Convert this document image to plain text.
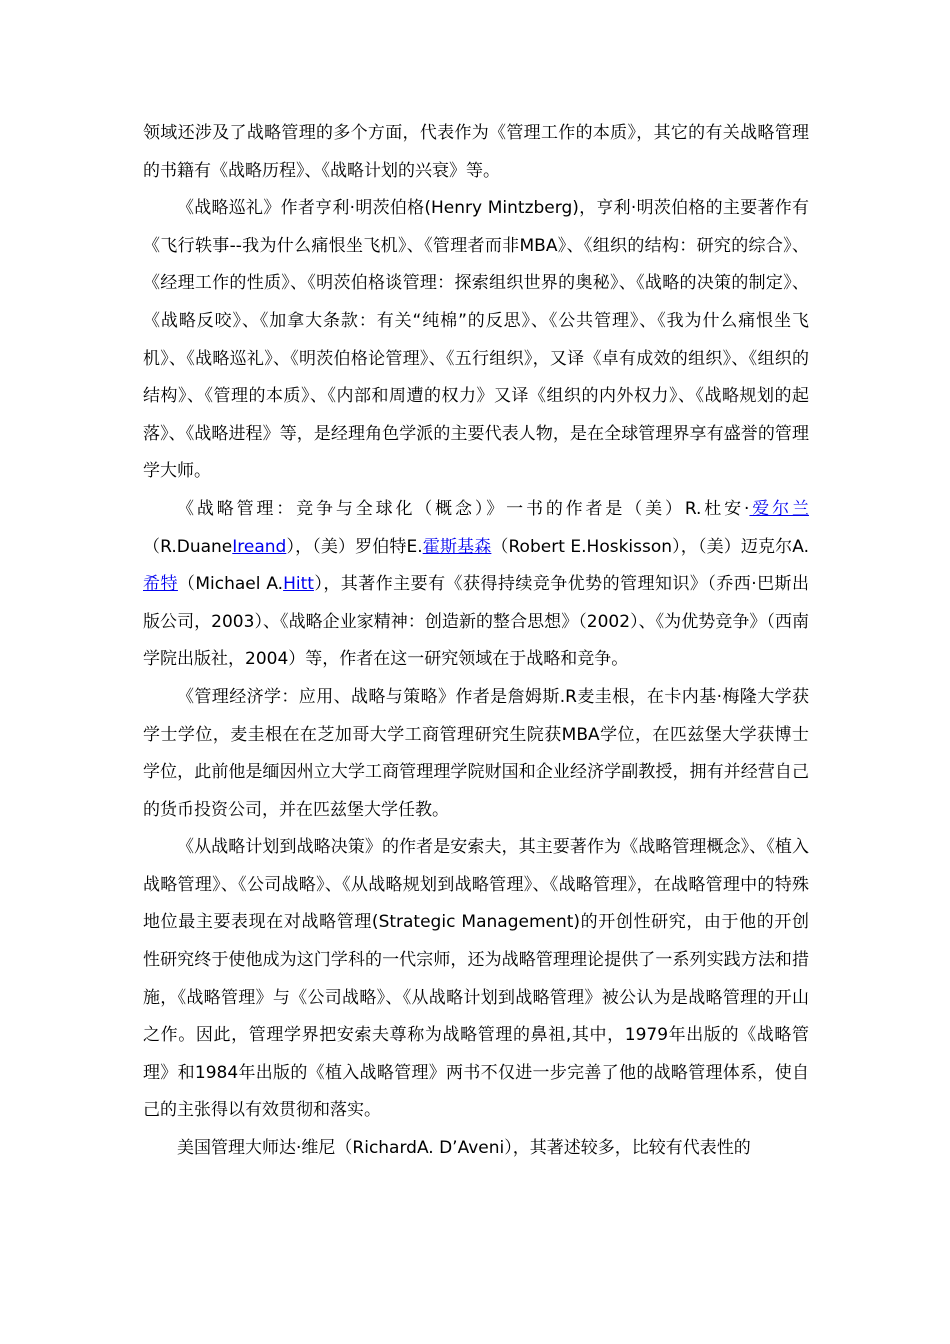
领域还涉及了战略管理的多个方面，代表作为《管理工作的本质》，其它的有关战略管理的书籍有《战略历程》、《战略计划的兴衰》等。

《战略巡礼》作者亨利·明茨伯格(Henry Mintzberg)，亨利·明茨伯格的主要著作有《飞行轶事--我为什么痛恨坐飞机》、《管理者而非MBA》、《组织的结构：研究的综合》、《经理工作的性质》、《明茨伯格谈管理：探索组织世界的奥秘》、《战略的决策的制定》、《战略反咬》、《加拿大条款：有关“纯棉”的反思》、《公共管理》、《我为什么痛恨坐飞机》、《战略巡礼》、《明茨伯格论管理》、《五行组织》，又译《卓有成效的组织》、《组织的结构》、《管理的本质》、《内部和周遭的权力》又译《组织的内外权力》、《战略规划的起落》、《战略进程》等，是经理角色学派的主要代表人物，是在全球管理界享有盛誉的管理学大师。

《战略管理：竞争与全球化（概念）》一书的作者是（美）R.杜安·爱尔兰（R.DuaneIreand），（美）罗伯特E.霍斯基森（Robert E.Hoskisson），（美）迈克尔A.希特（Michael A.Hitt），其著作主要有《获得持续竞争优势的管理知识》（乔西·巴斯出版公司，2003）、《战略企业家精神：创造新的整合思想》（2002）、《为优势竞争》（西南学院出版社，2004）等，作者在这一研究领域在于战略和竞争。

《管理经济学：应用、战略与策略》作者是詹姆斯.R麦圭根，在卡内基·梅隆大学获学士学位，麦圭根在在芝加哥大学工商管理研究生院获MBA学位，在匹兹堡大学获博士学位，此前他是缅因州立大学工商管理理学院财国和企业经济学副教授，拥有并经营自己的货币投资公司，并在匹兹堡大学任教。

《从战略计划到战略决策》的作者是安索夫，其主要著作为《战略管理概念》、《植入战略管理》、《公司战略》、《从战略规划到战略管理》、《战略管理》，在战略管理中的特殊地位最主要表现在对战略管理(Strategic Management)的开创性研究，由于他的开创性研究终于使他成为这门学科的一代宗师，还为战略管理理论提供了一系列实践方法和措施，《战略管理》与《公司战略》、《从战略计划到战略管理》被公认为是战略管理的开山之作。因此，管理学界把安索夫尊称为战略管理的鼻祖,其中，1979年出版的《战略管理》和1984年出版的《植入战略管理》两书不仅进一步完善了他的战略管理体系，使自己的主张得以有效贯彻和落实。

美国管理大师达·维尼（RichardA. D’Aveni），其著述较多，比较有代表性的
